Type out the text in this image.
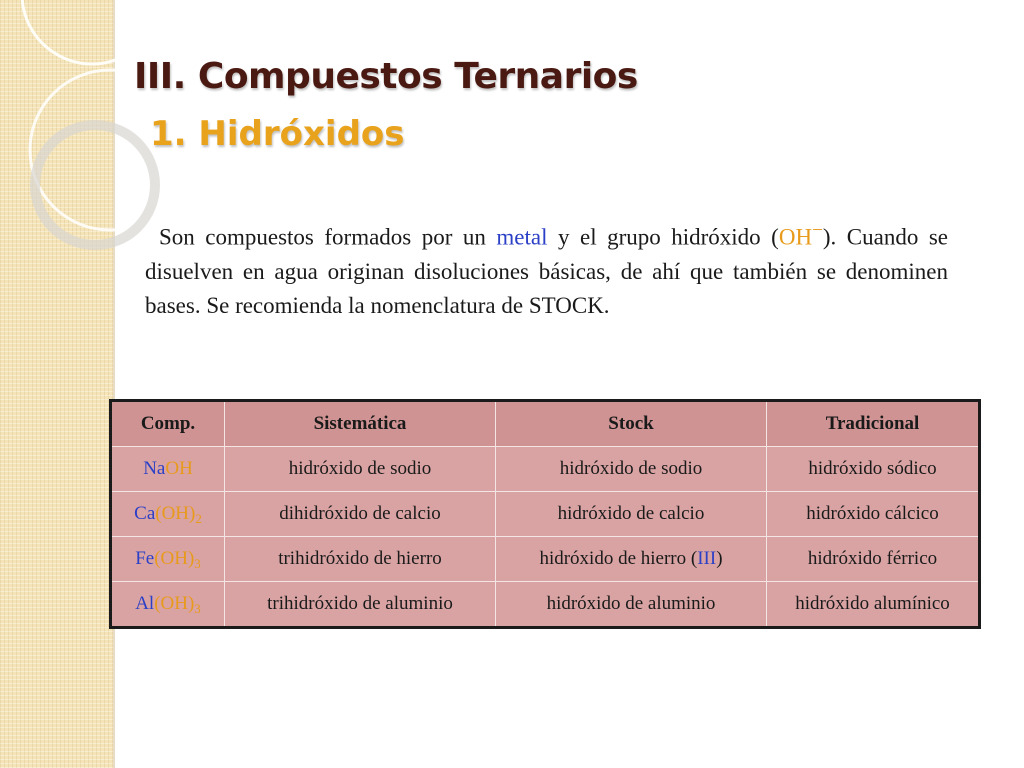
III. Compuestos Ternarios
1. Hidróxidos

Son compuestos formados por un metal y el grupo hidróxido (OH−). Cuando se disuelven en agua originan disoluciones básicas, de ahí que también se denominen bases. Se recomienda la nomenclatura de STOCK.

Comp.	Sistemática	Stock	Tradicional
NaOH	hidróxido de sodio	hidróxido de sodio	hidróxido sódico
$Ca(OH)_2$	dihidróxido de calcio	hidróxido de calcio	hidróxido cálcico
$Fe(OH)_3$	trihidróxido de hierro	hidróxido de hierro (III)	hidróxido férrico
$Al(OH)_3$	trihidróxido de aluminio	hidróxido de aluminio	hidróxido alumínico
